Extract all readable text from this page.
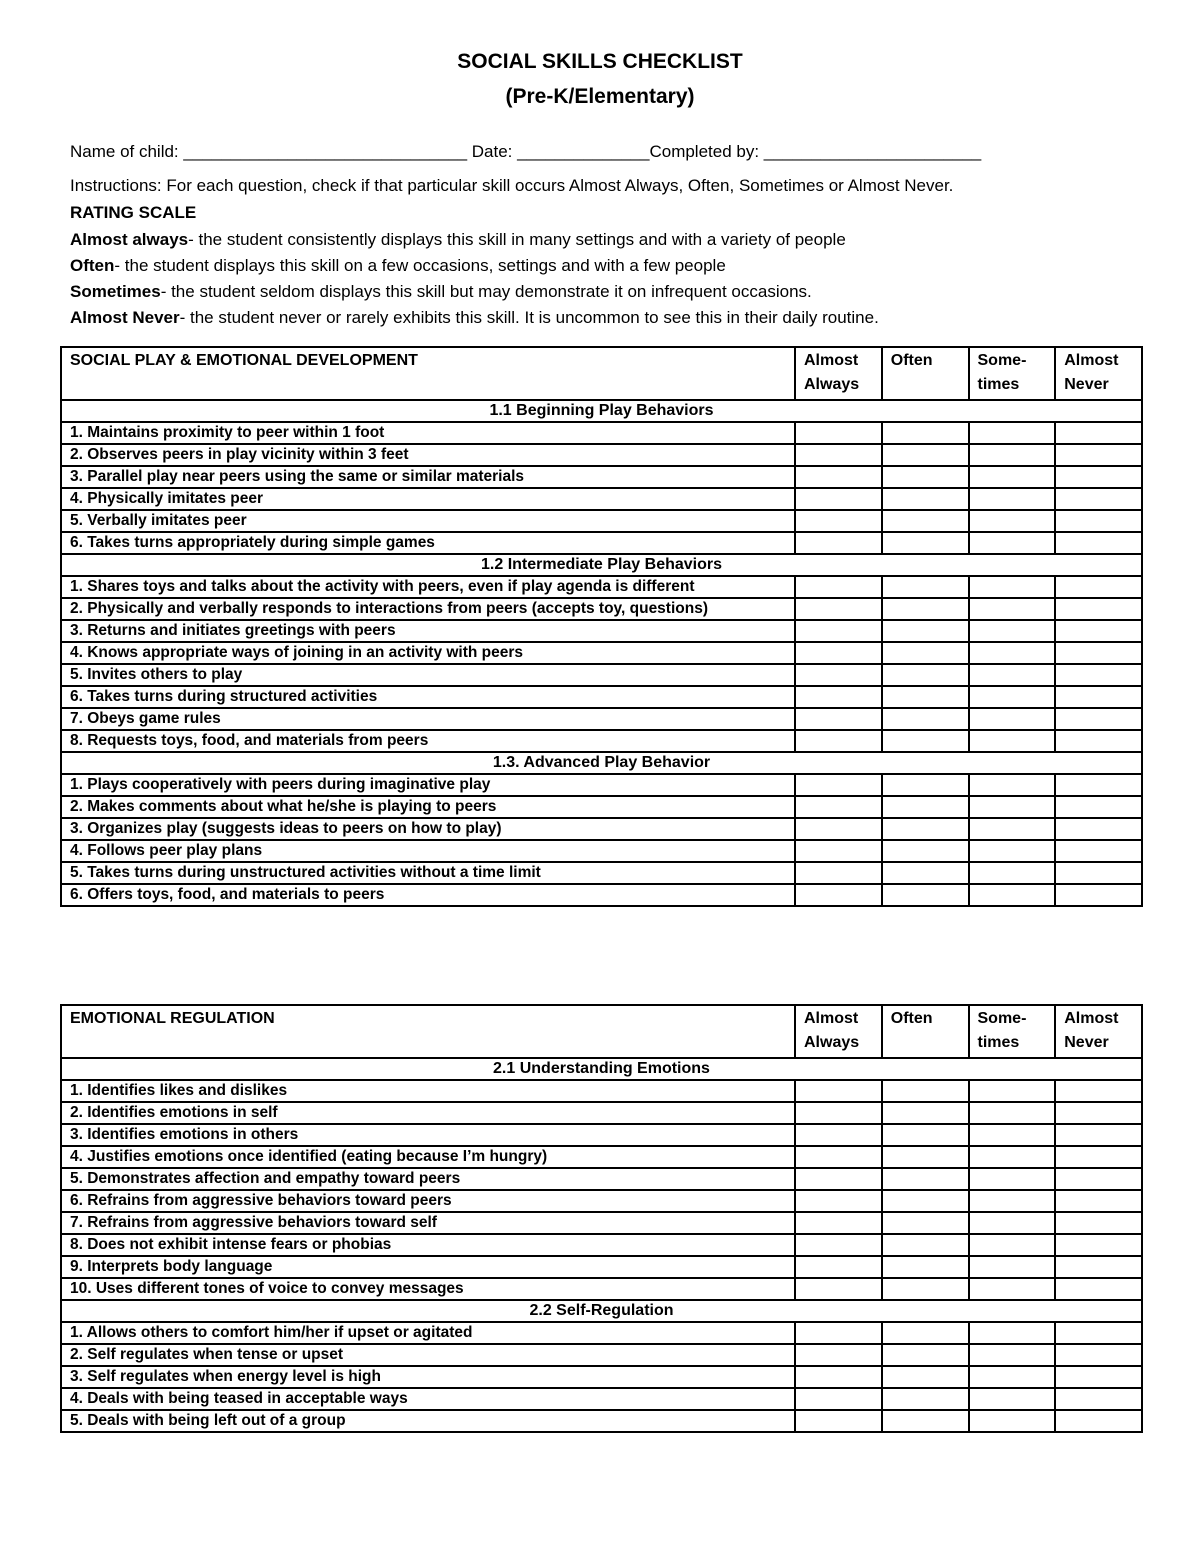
SOCIAL SKILLS CHECKLIST
(Pre-K/Elementary)
Name of child: ______________________________ Date: ______________Completed by: _______________________
Instructions: For each question, check if that particular skill occurs Almost Always, Often, Sometimes or Almost Never.
RATING SCALE
Almost always- the student consistently displays this skill in many settings and with a variety of people
Often- the student displays this skill on a few occasions, settings and with a few people
Sometimes- the student seldom displays this skill but may demonstrate it on infrequent occasions.
Almost Never- the student never or rarely exhibits this skill. It is uncommon to see this in their daily routine.
SOCIAL PLAY & EMOTIONAL DEVELOPMENT	Almost Always	Often	Some-times	Almost Never
1.1 Beginning Play Behaviors				
1. Maintains proximity to peer within 1 foot				
2. Observes peers in play vicinity within 3 feet				
3. Parallel play near peers using the same or similar materials				
4. Physically imitates peer				
5. Verbally imitates peer				
6. Takes turns appropriately during simple games				
1.2 Intermediate Play Behaviors				
1. Shares toys and talks about the activity with peers, even if play agenda is different				
2. Physically and verbally responds to interactions from peers (accepts toy, questions)				
3. Returns and initiates greetings with peers				
4. Knows appropriate ways of joining in an activity with peers				
5. Invites others to play				
6. Takes turns during structured activities				
7. Obeys game rules				
8. Requests toys, food, and materials from peers				
1.3. Advanced Play Behavior				
1. Plays cooperatively with peers during imaginative play				
2. Makes comments about what he/she is playing to peers				
3. Organizes play (suggests ideas to peers on how to play)				
4. Follows peer play plans				
5. Takes turns during unstructured activities without a time limit				
6. Offers toys, food, and materials to peers				
EMOTIONAL REGULATION	Almost Always	Often	Some-times	Almost Never
2.1 Understanding Emotions				
1. Identifies likes and dislikes				
2. Identifies emotions in self				
3. Identifies emotions in others				
4. Justifies emotions once identified (eating because I’m hungry)				
5. Demonstrates affection and empathy toward peers				
6. Refrains from aggressive behaviors toward peers				
7. Refrains from aggressive behaviors toward self				
8. Does not exhibit intense fears or phobias				
9. Interprets body language				
10. Uses different tones of voice to convey messages				
2.2 Self-Regulation				
1. Allows others to comfort him/her if upset or agitated				
2. Self regulates when tense or upset				
3. Self regulates when energy level is high				
4. Deals with being teased in acceptable ways				
5. Deals with being left out of a group				
